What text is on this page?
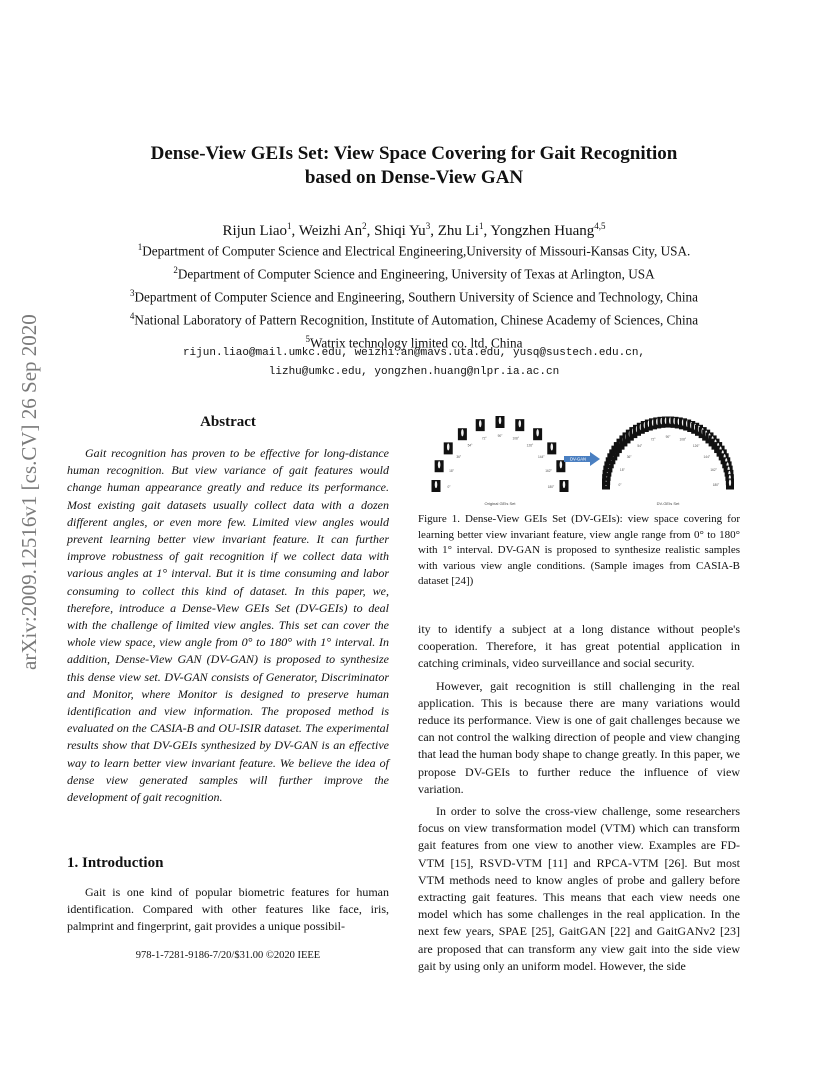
arXiv:2009.12516v1 [cs.CV] 26 Sep 2020
Dense-View GEIs Set: View Space Covering for Gait Recognition
based on Dense-View GAN
Rijun Liao$^1$, Weizhi An$^2$, Shiqi Yu$^3$, Zhu Li$^1$, Yongzhen Huang$^{4,5}$
$^1$Department of Computer Science and Electrical Engineering,University of Missouri-Kansas City, USA.
$^2$Department of Computer Science and Engineering, University of Texas at Arlington, USA
$^3$Department of Computer Science and Engineering, Southern University of Science and Technology, China
$^4$National Laboratory of Pattern Recognition, Institute of Automation, Chinese Academy of Sciences, China
$^5$Watrix technology limited co. ltd, China
rijun.liao@mail.umkc.edu, weizhi.an@mavs.uta.edu, yusq@sustech.edu.cn,
lizhu@umkc.edu, yongzhen.huang@nlpr.ia.ac.cn
Abstract

Gait recognition has proven to be effective for long-distance human recognition. But view variance of gait features would change human appearance greatly and reduce its performance. Most existing gait datasets usually collect data with a dozen different angles, or even more few. Limited view angles would prevent learning better view invariant feature. It can further improve robustness of gait recognition if we collect data with various angles at 1° interval. But it is time consuming and labor consuming to collect this kind of dataset. In this paper, we, therefore, introduce a Dense-View GEIs Set (DV-GEIs) to deal with the challenge of limited view angles. This set can cover the whole view space, view angle from 0° to 180° with 1° interval. In addition, Dense-View GAN (DV-GAN) is proposed to synthesize this dense view set. DV-GAN consists of Generator, Discriminator and Monitor, where Monitor is designed to preserve human identification and view information. The proposed method is evaluated on the CASIA-B and OU-ISIR dataset. The experimental results show that DV-GEIs synthesized by DV-GAN is an effective way to learn better view invariant feature. We believe the idea of dense view generated samples will further improve the development of gait recognition.

1. Introduction

Gait is one kind of popular biometric features for human identification. Compared with other features like face, iris, palmprint and fingerprint, gait provides a unique possibil-

978-1-7281-9186-7/20/$31.00 ©2020 IEEE
0°
18°
36°
54°
72°
90°
108°
126°
144°
162°
180°
Original GEIs Set
DV-GAN
0°
18°
36°
54°
72°
90°
108°
126°
144°
162°
180°
DV-GEIs Set
Figure 1. Dense-View GEIs Set (DV-GEIs): view space covering for learning better view invariant feature, view angle range from 0° to 180° with 1° interval. DV-GAN is proposed to synthesize realistic samples with various view angle conditions. (Sample images from CASIA-B dataset [24])

ity to identify a subject at a long distance without people's cooperation. Therefore, it has great potential application in catching criminals, video surveillance and social security.

However, gait recognition is still challenging in the real application. This is because there are many variations would reduce its performance. View is one of gait challenges because we can not control the walking direction of people and view changing that lead the human body shape to change greatly. In this paper, we propose DV-GEIs to further reduce the influence of view variation.

In order to solve the cross-view challenge, some researchers focus on view transformation model (VTM) which can transform gait features from one view to another view. Examples are FD-VTM [15], RSVD-VTM [11] and RPCA-VTM [26]. But most VTM methods need to know angles of probe and gallery before extracting gait features. This means that each view needs one model which has some challenges in the real application. In the next few years, SPAE [25], GaitGAN [22] and GaitGANv2 [23] are proposed that can transform any view gait into the side view gait by using only an uniform model. However, the side
